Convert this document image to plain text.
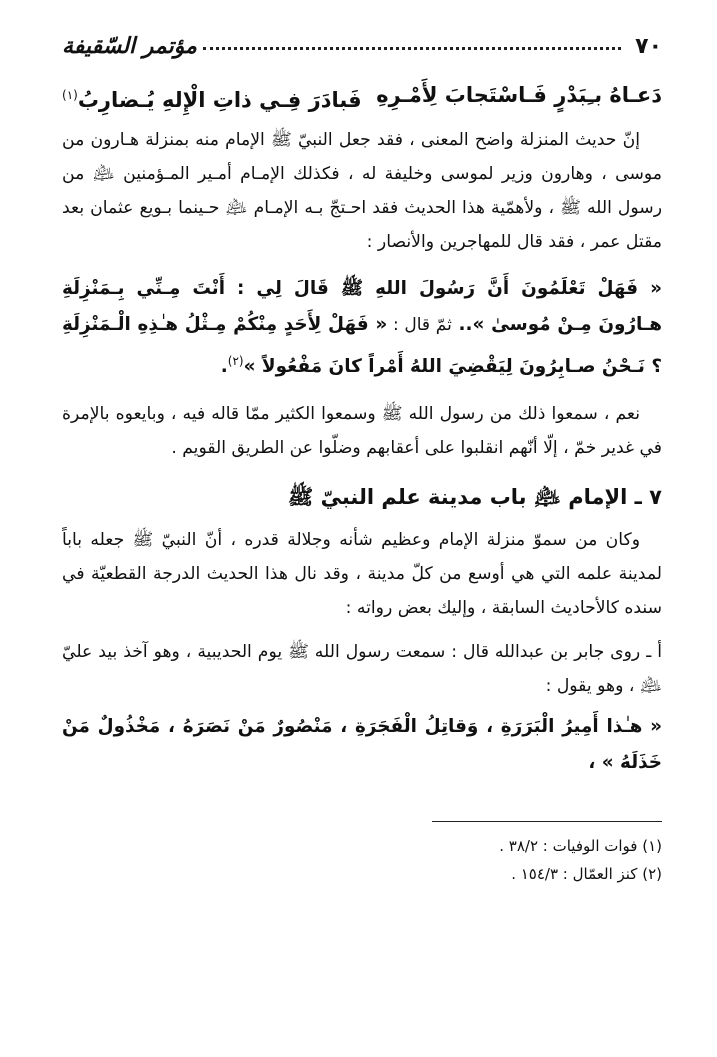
٧٠
مؤتمر السّقيفة
دَعـاهُ بـِبَدْرٍ فَـاسْتَجابَ لِأَمْـرِهِ
فَبادَرَ فِـي ذاتِ الْإِلهِ يُـضارِبُ$^{(١)}$

إنّ حديث المنزلة واضح المعنى ، فقد جعل النبيّ ﷺ الإمام منه بمنزلة هـارون من موسى ، وهارون وزير لموسى وخليفة له ، فكذلك الإمـام أمـير المـؤمنين ﵇ من رسول الله ﷺ ، ولأهمّية هذا الحديث فقد احـتجّ بـه الإمـام ﵇ حـينما بـويع عثمان بعد مقتل عمر ، فقد قال للمهاجرين والأنصار :

« فَهَلْ تَعْلَمُونَ أَنَّ رَسُولَ اللهِ ﷺ قَالَ لِي : أَنْتَ مِـنِّي بِـمَنْزِلَةِ هـارُونَ مِـنْ مُوسىٰ ».. ثمّ قال : « فَهَلْ لِأَحَدٍ مِنْكُمْ مِـثْلُ هـٰذِهِ الْـمَنْزِلَةِ ؟ نَـحْنُ صـابِرُونَ لِيَقْضِيَ اللهُ أَمْراً كانَ مَفْعُولاً »$^{(٢)}$.

نعم ، سمعوا ذلك من رسول الله ﷺ وسمعوا الكثير ممّا قاله فيه ، وبايعوه بالإمرة في غدير خمّ ، إلّا أنّهم انقلبوا على أعقابهم وضلّوا عن الطريق القويم .

٧ ـ الإمام ﵇ باب مدينة علم النبيّ ﷺ

وكان من سموّ منزلة الإمام وعظيم شأنه وجلالة قدره ، أنّ النبيّ ﷺ جعله باباً لمدينة علمه التي هي أوسع من كلّ مدينة ، وقد نال هذا الحديث الدرجة القطعيّة في سنده كالأحاديث السابقة ، وإليك بعض رواته :

أ ـ روى جابر بن عبدالله قال : سمعت رسول الله ﷺ يوم الحديبية ، وهو آخذ بيد عليّ ﵇ ، وهو يقول :

« هـٰذا أَمِيرُ الْبَرَرَةِ ، وَقاتِلُ الْفَجَرَةِ ، مَنْصُورٌ مَنْ نَصَرَهُ ، مَخْذُولٌ مَنْ خَذَلَهُ » ،

(١) فوات الوفيات : ٣٨/٢ .

(٢) كنز العمّال : ١٥٤/٣ .
